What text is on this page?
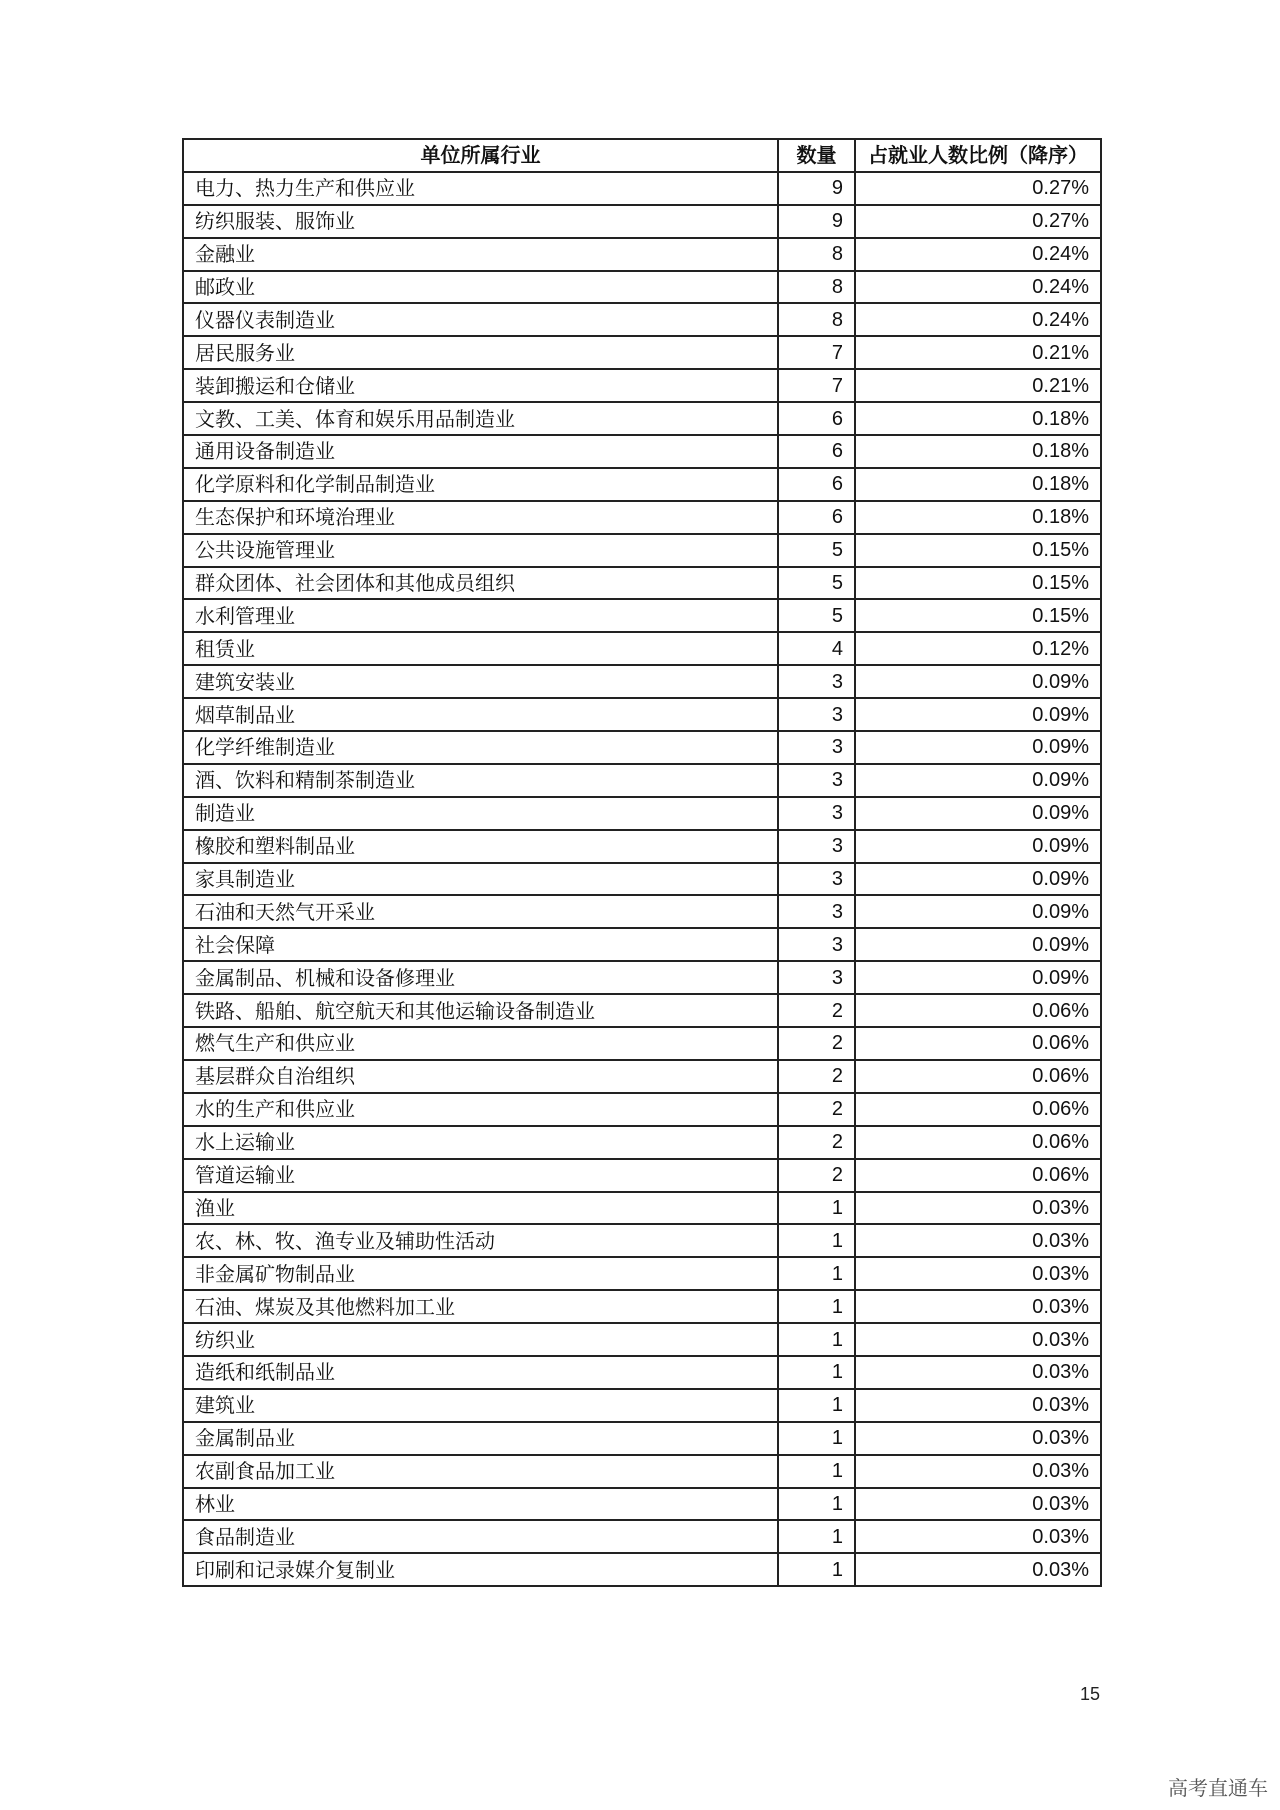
单位所属行业	数量	占就业人数比例（降序）
电力、热力生产和供应业	9	0.27%
纺织服装、服饰业	9	0.27%
金融业	8	0.24%
邮政业	8	0.24%
仪器仪表制造业	8	0.24%
居民服务业	7	0.21%
装卸搬运和仓储业	7	0.21%
文教、工美、体育和娱乐用品制造业	6	0.18%
通用设备制造业	6	0.18%
化学原料和化学制品制造业	6	0.18%
生态保护和环境治理业	6	0.18%
公共设施管理业	5	0.15%
群众团体、社会团体和其他成员组织	5	0.15%
水利管理业	5	0.15%
租赁业	4	0.12%
建筑安装业	3	0.09%
烟草制品业	3	0.09%
化学纤维制造业	3	0.09%
酒、饮料和精制茶制造业	3	0.09%
制造业	3	0.09%
橡胶和塑料制品业	3	0.09%
家具制造业	3	0.09%
石油和天然气开采业	3	0.09%
社会保障	3	0.09%
金属制品、机械和设备修理业	3	0.09%
铁路、船舶、航空航天和其他运输设备制造业	2	0.06%
燃气生产和供应业	2	0.06%
基层群众自治组织	2	0.06%
水的生产和供应业	2	0.06%
水上运输业	2	0.06%
管道运输业	2	0.06%
渔业	1	0.03%
农、林、牧、渔专业及辅助性活动	1	0.03%
非金属矿物制品业	1	0.03%
石油、煤炭及其他燃料加工业	1	0.03%
纺织业	1	0.03%
造纸和纸制品业	1	0.03%
建筑业	1	0.03%
金属制品业	1	0.03%
农副食品加工业	1	0.03%
林业	1	0.03%
食品制造业	1	0.03%
印刷和记录媒介复制业	1	0.03%
15
高考直通车
